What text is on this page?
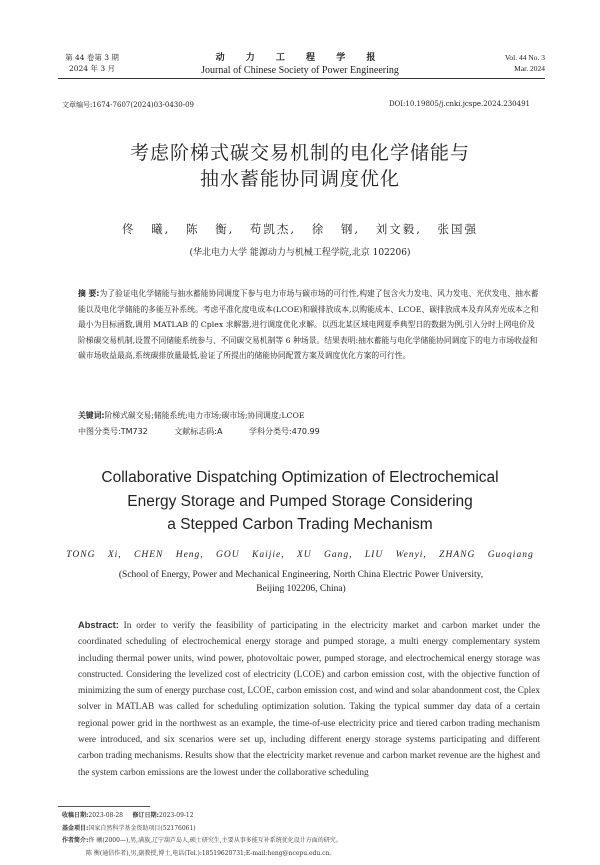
第 44 卷第 3 期
2024 年 3 月
动 力 工 程 学 报
Journal of Chinese Society of Power Engineering
Vol. 44 No. 3
Mar. 2024
文章编号:1674-7607(2024)03-0430-09	DOI:10.19805/j.cnki.jcspe.2024.230491
考虑阶梯式碳交易机制的电化学储能与
抽水蓄能协同调度优化
佟 曦, 陈 衡, 苟凯杰, 徐 钢, 刘文毅, 张国强
(华北电力大学 能源动力与机械工程学院,北京 102206)
摘 要:为了验证电化学储能与抽水蓄能协同调度下参与电力市场与碳市场的可行性,构建了包含火力发电、风力发电、光伏发电、抽水蓄能以及电化学储能的多能互补系统。考虑平准化度电成本(LCOE)和碳排放成本,以购能成本、LCOE、碳排放成本及弃风弃光成本之和最小为目标函数,调用 MATLAB 的 Cplex 求解器,进行调度优化求解。以西北某区域电网夏季典型日的数据为例,引入分时上网电价及阶梯碳交易机制,设置不同储能系统参与、不同碳交易机制等 6 种场景。结果表明:抽水蓄能与电化学储能协同调度下的电力市场收益和碳市场收益最高,系统碳排放量最低,验证了所提出的储能协同配置方案及调度优化方案的可行性。
关键词:阶梯式碳交易;储能系统;电力市场;碳市场;协同调度;LCOE
中图分类号:TM732	文献标志码:A	学科分类号:470.99
Collaborative Dispatching Optimization of Electrochemical
Energy Storage and Pumped Storage Considering
a Stepped Carbon Trading Mechanism
TONG Xi, CHEN Heng, GOU Kaijie, XU Gang, LIU Wenyi, ZHANG Guoqiang
(School of Energy, Power and Mechanical Engineering, North China Electric Power University,
Beijing 102206, China)
Abstract: In order to verify the feasibility of participating in the electricity market and carbon market under the coordinated scheduling of electrochemical energy storage and pumped storage, a multi energy complementary system including thermal power units, wind power, photovoltaic power, pumped storage, and electrochemical energy storage was constructed. Considering the levelized cost of electricity (LCOE) and carbon emission cost, with the objective function of minimizing the sum of energy purchase cost, LCOE, carbon emission cost, and wind and solar abandonment cost, the Cplex solver in MATLAB was called for scheduling optimization solution. Taking the typical summer day data of a certain regional power grid in the northwest as an example, the time-of-use electricity price and tiered carbon trading mechanism were introduced, and six scenarios were set up, including different energy storage systems participating and different carbon trading mechanisms. Results show that the electricity market revenue and carbon market revenue are the highest and the system carbon emissions are the lowest under the collaborative scheduling
收稿日期:2023-08-28 修订日期:2023-09-12
基金项目:国家自然科学基金资助项目(52176061)
作者简介:佟 曦(2000—),男,满族,辽宁葫芦岛人,硕士研究生,主要从事多能互补系统优化设计方面的研究。
陈 衡(通信作者),男,副教授,博士,电话(Tel.):18519620731;E-mail:heng@ncepu.edu.cn。
